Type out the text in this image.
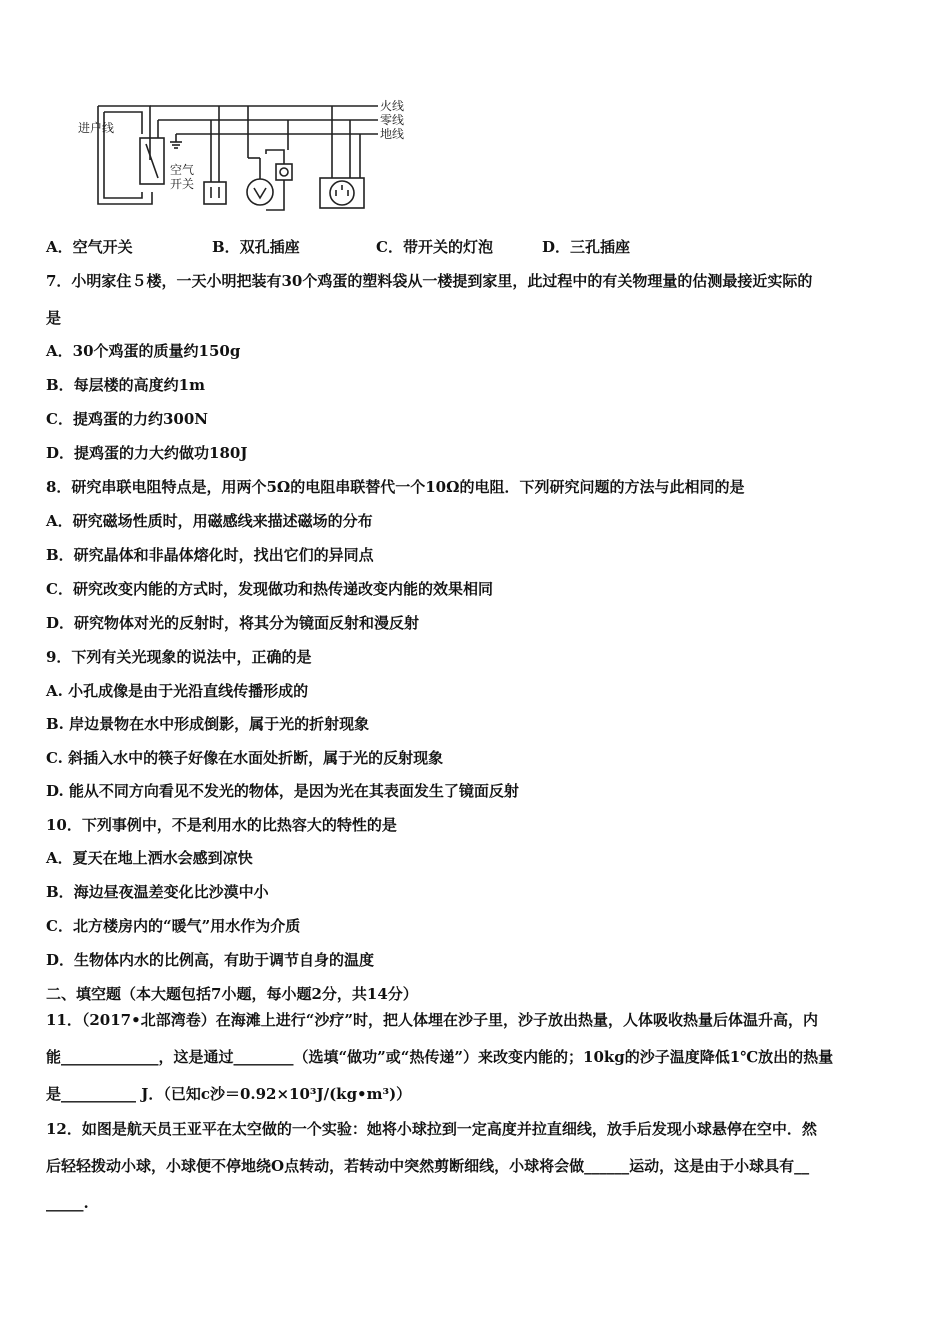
进户线
火线
零线
地线
空气
开关
A．空气开关	B．双孔插座	C．带开关的灯泡	D．三孔插座
7．小明家住５楼，一天小明把装有30个鸡蛋的塑料袋从一楼提到家里，此过程中的有关物理量的估测最接近实际的
是
A．30个鸡蛋的质量约150g
B．每层楼的高度约1m
C．提鸡蛋的力约300N
D．提鸡蛋的力大约做功180J
8．研究串联电阻特点是，用两个5Ω的电阻串联替代一个10Ω的电阻．下列研究问题的方法与此相同的是
A．研究磁场性质时，用磁感线来描述磁场的分布
B．研究晶体和非晶体熔化时，找出它们的异同点
C．研究改变内能的方式时，发现做功和热传递改变内能的效果相同
D．研究物体对光的反射时，将其分为镜面反射和漫反射
9．下列有关光现象的说法中，正确的是
A. 小孔成像是由于光沿直线传播形成的
B. 岸边景物在水中形成倒影，属于光的折射现象
C. 斜插入水中的筷子好像在水面处折断，属于光的反射现象
D. 能从不同方向看见不发光的物体，是因为光在其表面发生了镜面反射
10．下列事例中，不是利用水的比热容大的特性的是
A．夏天在地上洒水会感到凉快
B．海边昼夜温差变化比沙漠中小
C．北方楼房内的“暖气”用水作为介质
D．生物体内水的比例高，有助于调节自身的温度
二、填空题（本大题包括7小题，每小题2分，共14分）
11．（2017•北部湾卷）在海滩上进行“沙疗”时，把人体埋在沙子里，沙子放出热量，人体吸收热量后体温升高，内
能_____________，这是通过________（选填“做功”或“热传递”）来改变内能的；10kg的沙子温度降低1℃放出的热量
是__________ J．（已知c沙＝0.92×10³J/(kg•m³)）
12．如图是航天员王亚平在太空做的一个实验：她将小球拉到一定高度并拉直细线，放手后发现小球悬停在空中．然
后轻轻拨动小球，小球便不停地绕O点转动，若转动中突然剪断细线，小球将会做______运动，这是由于小球具有__
_____.
